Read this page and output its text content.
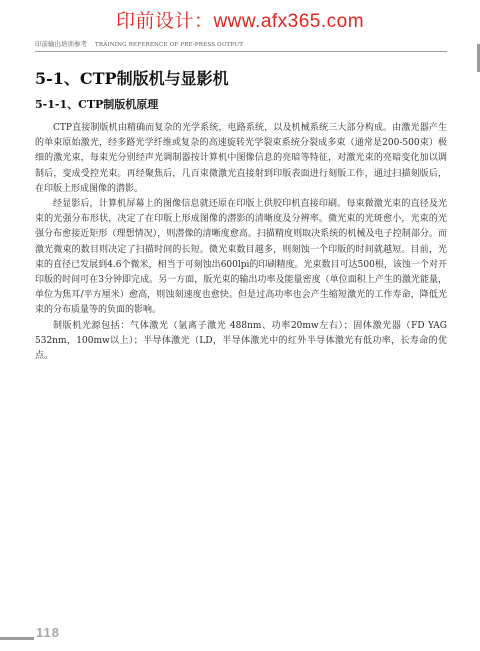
印前设计：www.afx365.com
印前输出培训参考 TRAINING REFERENCE OF PRE-PRESS OUTPUT
5-1、CTP制版机与显影机
5-1-1、CTP制版机原理

CTP直接制版机由精确而复杂的光学系统，电路系统，以及机械系统三大部分构成。由激光器产生的单束原始激光，经多路光学纤维或复杂的高速旋转光学裂束系统分裂成多束（通常是200-500束）极细的激光束，每束光分别经声光调制器按计算机中图像信息的亮暗等特征，对激光束的亮暗变化加以调制后，变成受控光束。再经聚焦后，几百束微激光直接射到印版表面进行刻版工作，通过扫描刻版后，在印版上形成图像的潜影。

经显影后，计算机屏幕上的图像信息就还原在印版上供胶印机直接印刷。每束微激光束的直径及光束的光强分布形状，决定了在印版上形成图像的潜影的清晰度及分辨率。微光束的光斑愈小，光束的光强分布愈接近矩形（理想情况），则潜像的清晰度愈高。扫描精度则取决系统的机械及电子控制部分。而激光微束的数目则决定了扫描时间的长短。微光束数目越多，则刻蚀一个印版的时间就越短。目前，光束的直径已发展到4.6个微米，相当于可刻蚀出600lpi的印刷精度。光束数目可达500根，该蚀一个对开印版的时间可在3分钟即完成。另一方面，版光束的输出功率及能量密度（单位面积上产生的激光能量，单位为焦耳/平方厘米）愈高，则蚀刻速度也愈快。但是过高功率也会产生缩短激光的工作寿命，降低光束的分布质量等的负面的影响。

制版机光源包括：气体激光（氩离子激光 488nm、功率20mw左右）；固体激光器（FD YAG 532nm，100mw以上）；半导体激光（LD，半导体激光中的红外半导体激光有低功率，长寿命的优点。

118
